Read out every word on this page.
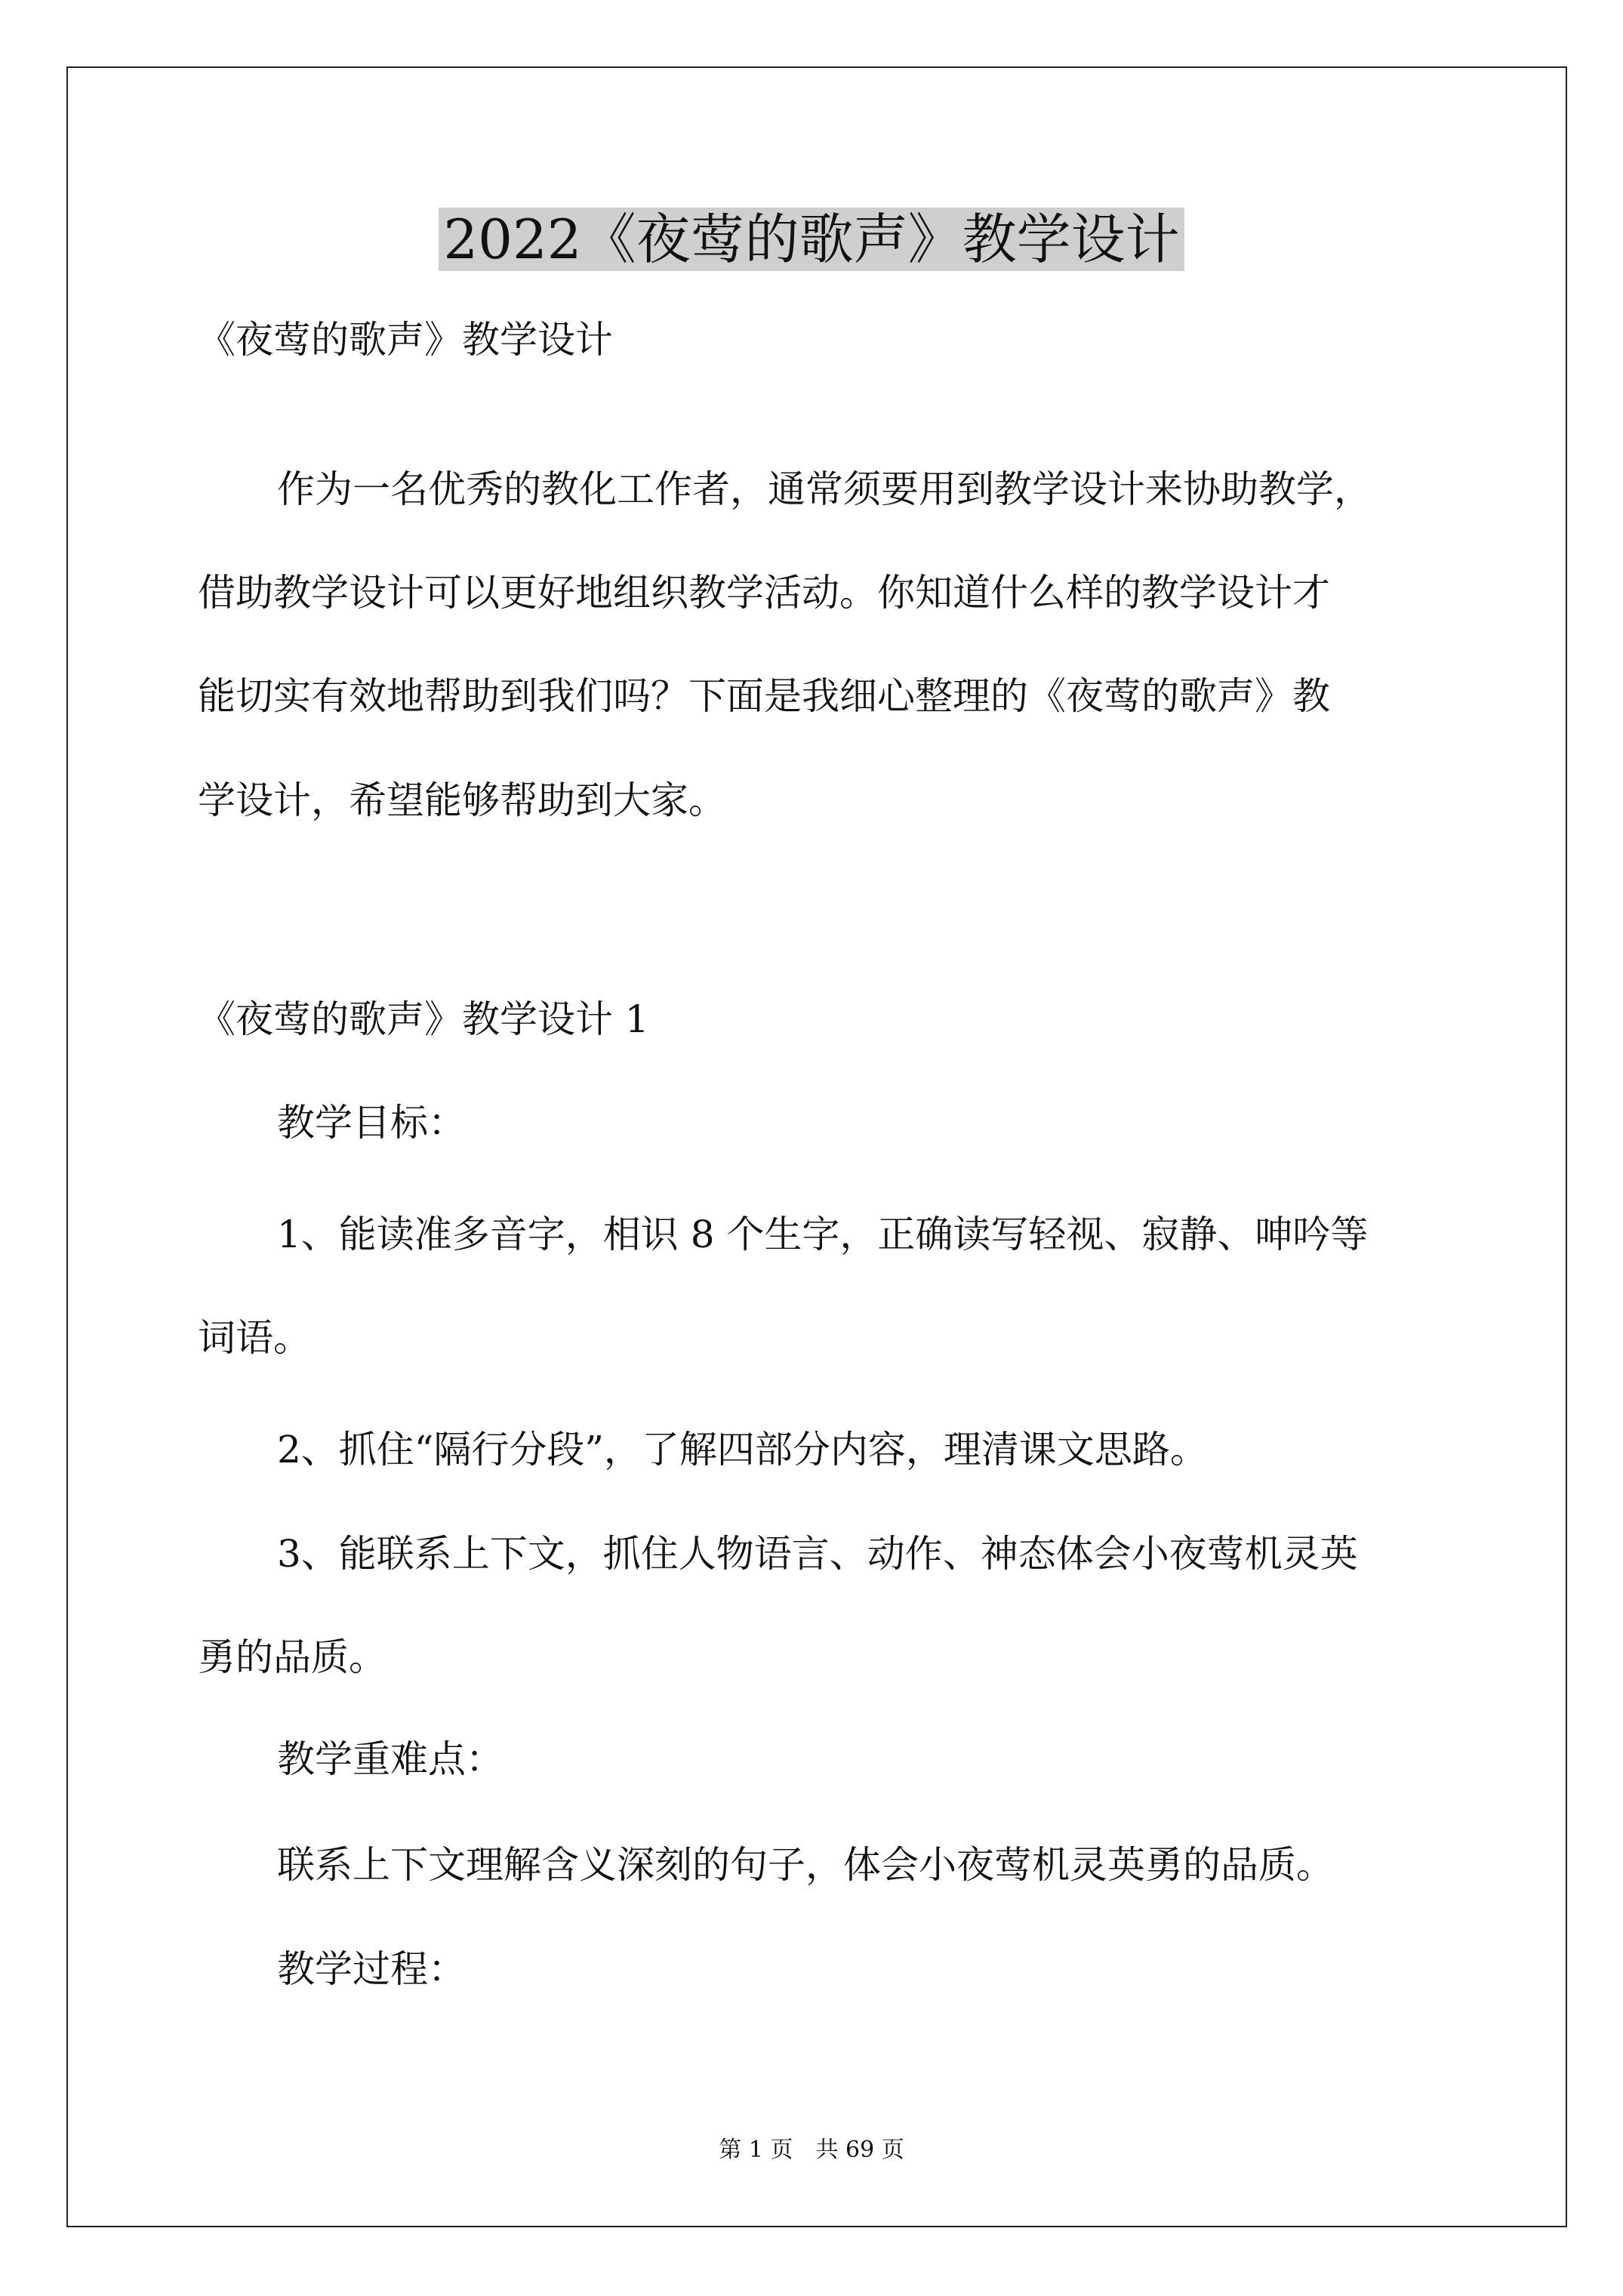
2022《夜莺的歌声》教学设计

《夜莺的歌声》教学设计

作为一名优秀的教化工作者，通常须要用到教学设计来协助教学，

借助教学设计可以更好地组织教学活动。你知道什么样的教学设计才

能切实有效地帮助到我们吗？下面是我细心整理的《夜莺的歌声》教

学设计，希望能够帮助到大家。

《夜莺的歌声》教学设计 1

教学目标：

1、能读准多音字，相识 8 个生字，正确读写轻视、寂静、呻吟等

词语。

2、抓住“隔行分段”，了解四部分内容，理清课文思路。

3、能联系上下文，抓住人物语言、动作、神态体会小夜莺机灵英

勇的品质。

教学重难点：

联系上下文理解含义深刻的句子，体会小夜莺机灵英勇的品质。

教学过程：

第 1 页　共 69 页
